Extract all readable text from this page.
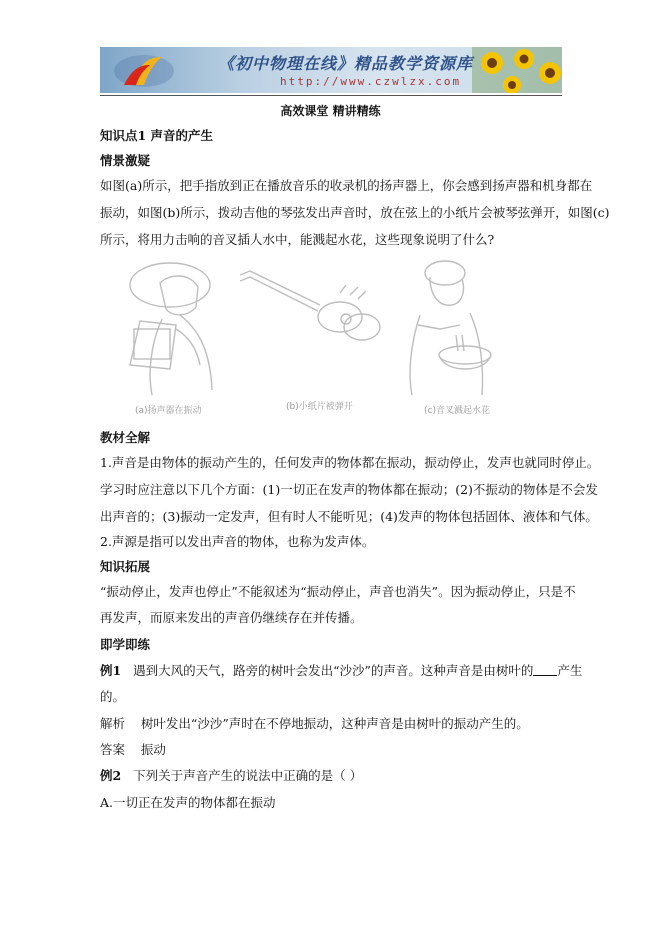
《初中物理在线》精品教学资源库
http://www.czwlzx.com
高效课堂 精讲精练
知识点1 声音的产生
情景激疑
如图(a)所示，把手指放到正在播放音乐的收录机的扬声器上，你会感到扬声器和机身都在
振动，如图(b)所示，拨动吉他的琴弦发出声音时，放在弦上的小纸片会被琴弦弹开，如图(c)
所示，将用力击响的音叉插人水中，能溅起水花，这些现象说明了什么?
(a)扬声器在振动	(b)小纸片被弹开	(c)音叉溅起水花
教材全解
1.声音是由物体的振动产生的，任何发声的物体都在振动，振动停止，发声也就同时停止。
学习时应注意以下几个方面：(1)一切正在发声的物体都在振动；(2)不振动的物体是不会发
出声音的；(3)振动一定发声，但有时人不能听见；(4)发声的物体包括固体、液体和气体。
2.声源是指可以发出声音的物体，也称为发声体。
知识拓展
“振动停止，发声也停止”不能叙述为“振动停止，声音也消失”。因为振动停止，只是不
再发声，而原来发出的声音仍继续存在并传播。
即学即练
例1 遇到大风的天气，路旁的树叶会发出“沙沙”的声音。这种声音是由树叶的 产生
的。
解析 树叶发出“沙沙”声时在不停地振动，这种声音是由树叶的振动产生的。
答案 振动
例2 下列关于声音产生的说法中正确的是（ ）
A.一切正在发声的物体都在振动
